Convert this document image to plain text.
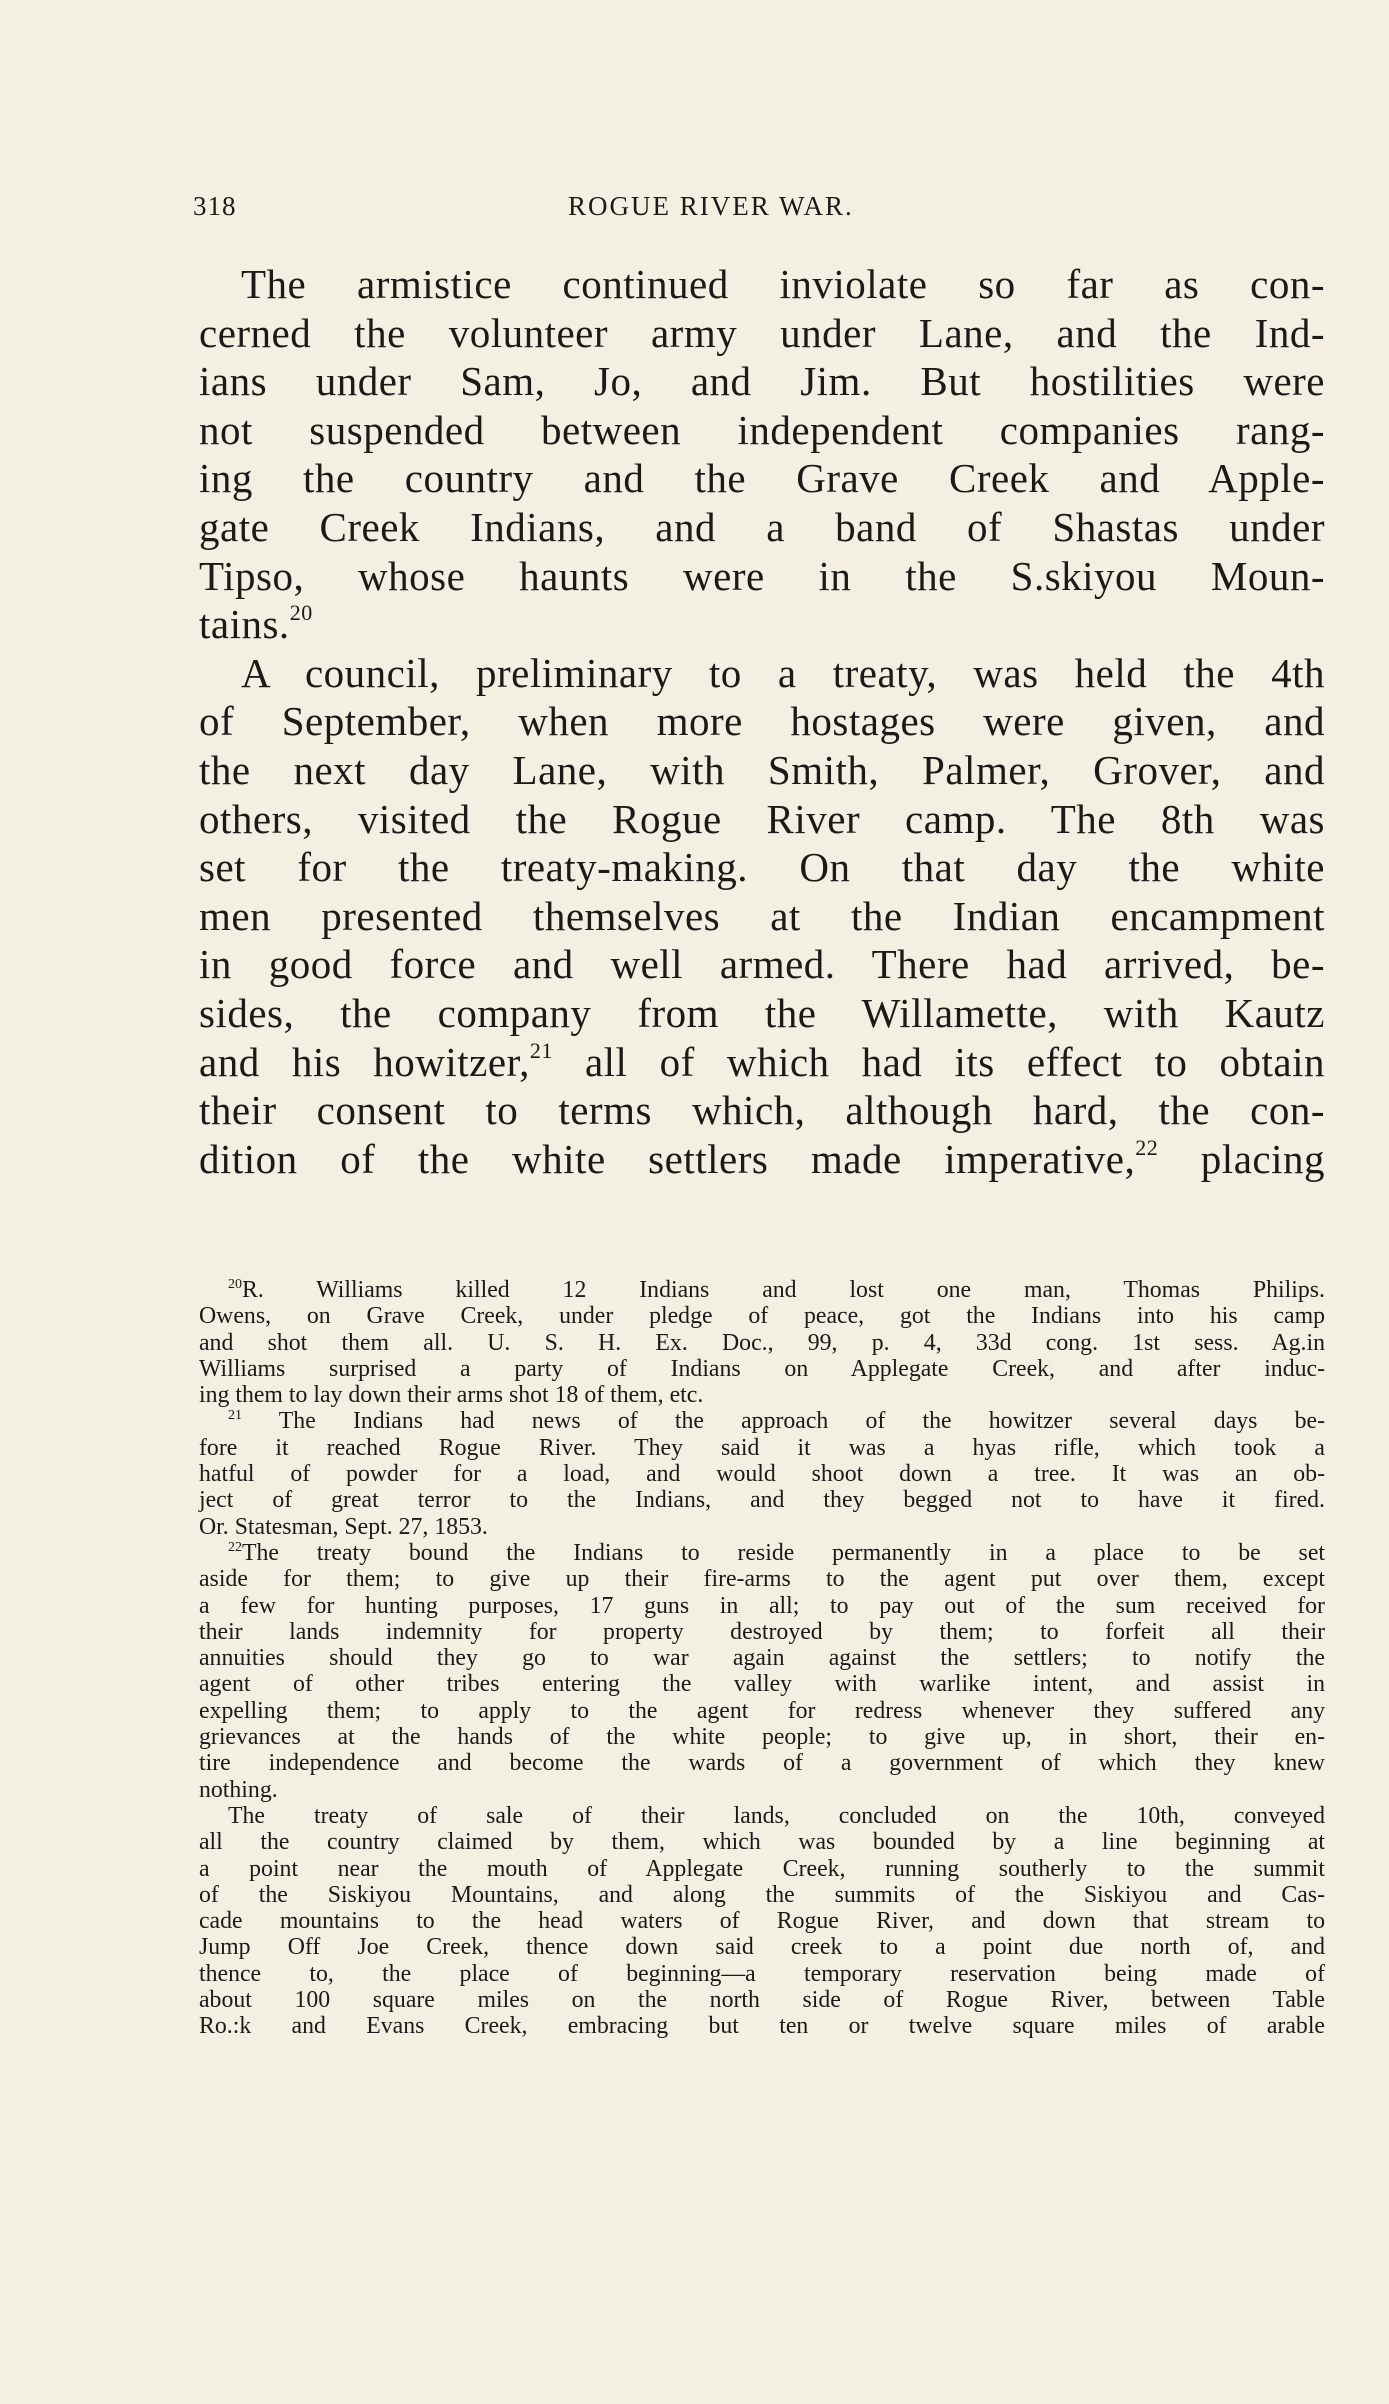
318	ROGUE RIVER WAR.
The armistice continued inviolate so far as con-
cerned the volunteer army under Lane, and the Ind-
ians under Sam, Jo, and Jim. But hostilities were
not suspended between independent companies rang-
ing the country and the Grave Creek and Apple-
gate Creek Indians, and a band of Shastas under
Tipso, whose haunts were in the S.skiyou Moun-
tains.$^{20}$
A council, preliminary to a treaty, was held the 4th
of September, when more hostages were given, and
the next day Lane, with Smith, Palmer, Grover, and
others, visited the Rogue River camp. The 8th was
set for the treaty-making. On that day the white
men presented themselves at the Indian encampment
in good force and well armed. There had arrived, be-
sides, the company from the Willamette, with Kautz
and his howitzer,$^{21}$ all of which had its effect to obtain
their consent to terms which, although hard, the con-
dition of the white settlers made imperative,$^{22}$ placing
$^{20}$R. Williams killed 12 Indians and lost one man, Thomas Philips.
Owens, on Grave Creek, under pledge of peace, got the Indians into his camp
and shot them all. U. S. H. Ex. Doc., 99, p. 4, 33d cong. 1st sess. Ag.in
Williams surprised a party of Indians on Applegate Creek, and after induc-
ing them to lay down their arms shot 18 of them, etc.
$^{21}$ The Indians had news of the approach of the howitzer several days be-
fore it reached Rogue River. They said it was a hyas rifle, which took a
hatful of powder for a load, and would shoot down a tree. It was an ob-
ject of great terror to the Indians, and they begged not to have it fired.
Or. Statesman, Sept. 27, 1853.
$^{22}$The treaty bound the Indians to reside permanently in a place to be set
aside for them; to give up their fire-arms to the agent put over them, except
a few for hunting purposes, 17 guns in all; to pay out of the sum received for
their lands indemnity for property destroyed by them; to forfeit all their
annuities should they go to war again against the settlers; to notify the
agent of other tribes entering the valley with warlike intent, and assist in
expelling them; to apply to the agent for redress whenever they suffered any
grievances at the hands of the white people; to give up, in short, their en-
tire independence and become the wards of a government of which they knew
nothing.
The treaty of sale of their lands, concluded on the 10th, conveyed
all the country claimed by them, which was bounded by a line beginning at
a point near the mouth of Applegate Creek, running southerly to the summit
of the Siskiyou Mountains, and along the summits of the Siskiyou and Cas-
cade mountains to the head waters of Rogue River, and down that stream to
Jump Off Joe Creek, thence down said creek to a point due north of, and
thence to, the place of beginning—a temporary reservation being made of
about 100 square miles on the north side of Rogue River, between Table
Ro.:k and Evans Creek, embracing but ten or twelve square miles of arable
